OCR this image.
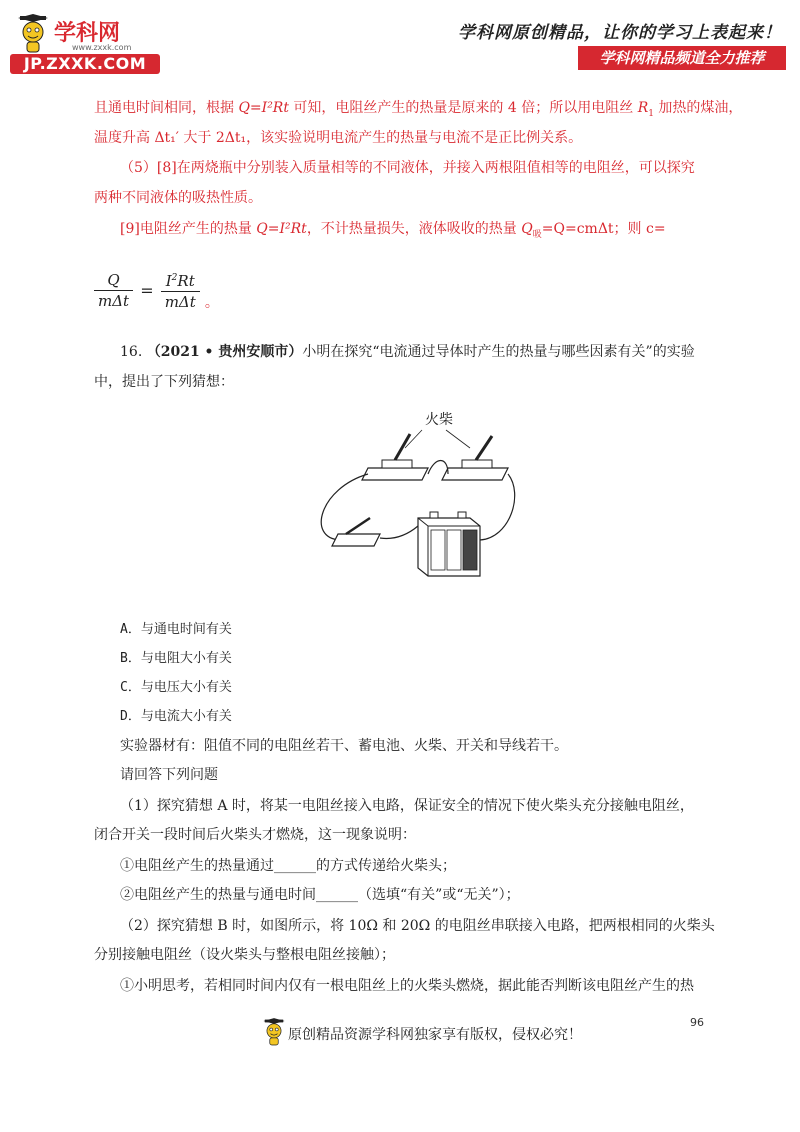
学科网
www.zxxk.com
JP.ZXXK.COM
学科网原创精品，让你的学习上表起来！
学科网精品频道全力推荐
且通电时间相同，根据 Q=I²Rt 可知，电阻丝产生的热量是原来的 4 倍；所以用电阻丝 $R_1$ 加热的煤油，
温度升高 Δt₁′ 大于 2Δt₁，该实验说明电流产生的热量与电流不是正比例关系。
（5）[8]在两烧瓶中分别装入质量相等的不同液体，并接入两根阻值相等的电阻丝，可以探究
两种不同液体的吸热性质。
[9]电阻丝产生的热量 Q=I²Rt，不计热量损失，液体吸收的热量 $Q_吸=Q=cm\Delta t$；则 c=
$\frac{Q}{\text{mΔt}} = \frac{I^2Rt}{\text{mΔt}}$ 。
16. （2021 • 贵州安顺市）小明在探究“电流通过导体时产生的热量与哪些因素有关”的实验
中，提出了下列猜想：
火柴
A．与通电时间有关
B．与电阻大小有关
C．与电压大小有关
D．与电流大小有关
实验器材有：阻值不同的电阻丝若干、蓄电池、火柴、开关和导线若干。
请回答下列问题
（1）探究猜想 A 时，将某一电阻丝接入电路，保证安全的情况下使火柴头充分接触电阻丝，
闭合开关一段时间后火柴头才燃烧，这一现象说明：
①电阻丝产生的热量通过______的方式传递给火柴头；
②电阻丝产生的热量与通电时间______（选填“有关”或“无关”）；
（2）探究猜想 B 时，如图所示，将 10Ω 和 20Ω 的电阻丝串联接入电路，把两根相同的火柴头
分别接触电阻丝（设火柴头与整根电阻丝接触）；
①小明思考，若相同时间内仅有一根电阻丝上的火柴头燃烧，据此能否判断该电阻丝产生的热
96
原创精品资源学科网独家享有版权，侵权必究！
